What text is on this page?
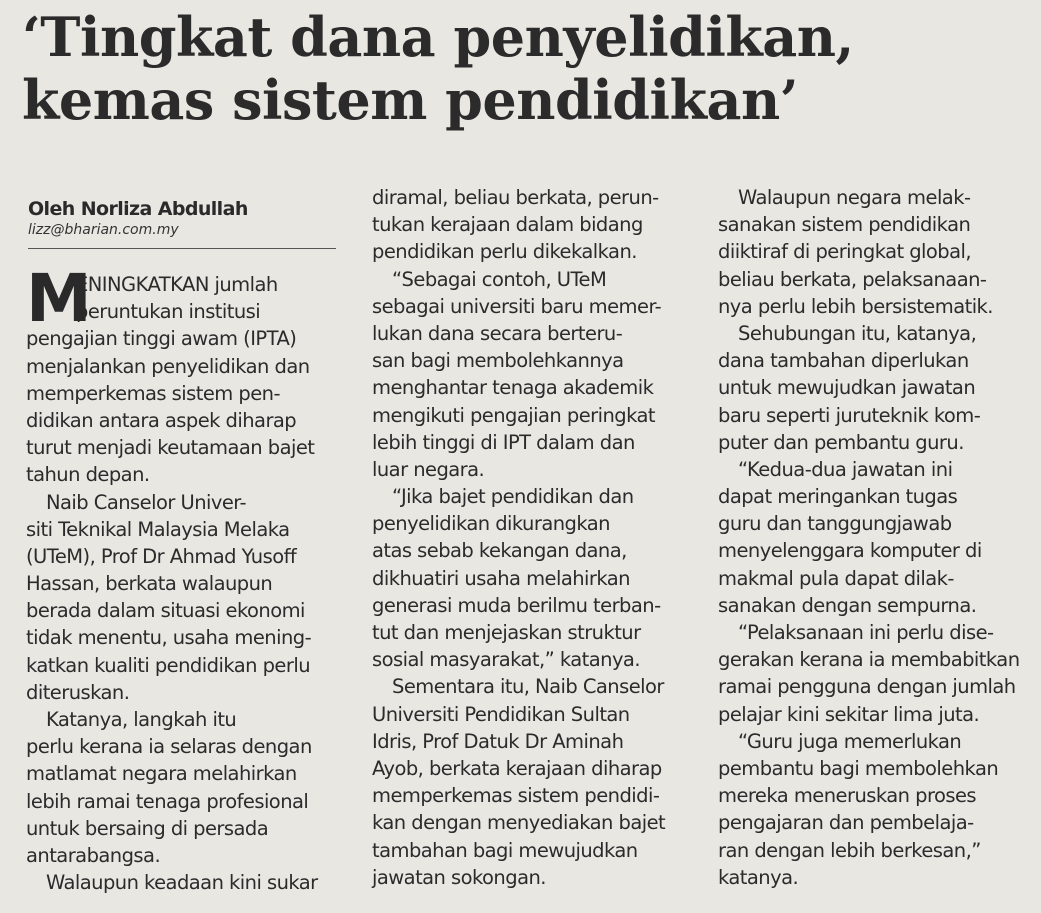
‘Tingkat dana penyelidikan,
kemas sistem pendidikan’
Oleh Norliza Abdullah
lizz@bharian.com.my
M
ENINGKATKAN jumlah
peruntukan institusi
pengajian tinggi awam (IPTA)
menjalankan penyelidikan dan
memperkemas sistem pen-
didikan antara aspek diharap
turut menjadi keutamaan bajet
tahun depan.
Naib Canselor Univer-
siti Teknikal Malaysia Melaka
(UTeM), Prof Dr Ahmad Yusoff
Hassan, berkata walaupun
berada dalam situasi ekonomi
tidak menentu, usaha mening-
katkan kualiti pendidikan perlu
diteruskan.
Katanya, langkah itu
perlu kerana ia selaras dengan
matlamat negara melahirkan
lebih ramai tenaga profesional
untuk bersaing di persada
antarabangsa.
Walaupun keadaan kini sukar
diramal, beliau berkata, perun-
tukan kerajaan dalam bidang
pendidikan perlu dikekalkan.
“Sebagai contoh, UTeM
sebagai universiti baru memer-
lukan dana secara berteru-
san bagi membolehkannya
menghantar tenaga akademik
mengikuti pengajian peringkat
lebih tinggi di IPT dalam dan
luar negara.
“Jika bajet pendidikan dan
penyelidikan dikurangkan
atas sebab kekangan dana,
dikhuatiri usaha melahirkan
generasi muda berilmu terban-
tut dan menjejaskan struktur
sosial masyarakat,” katanya.
Sementara itu, Naib Canselor
Universiti Pendidikan Sultan
Idris, Prof Datuk Dr Aminah
Ayob, berkata kerajaan diharap
memperkemas sistem pendidi-
kan dengan menyediakan bajet
tambahan bagi mewujudkan
jawatan sokongan.
Walaupun negara melak-
sanakan sistem pendidikan
diiktiraf di peringkat global,
beliau berkata, pelaksanaan-
nya perlu lebih bersistematik.
Sehubungan itu, katanya,
dana tambahan diperlukan
untuk mewujudkan jawatan
baru seperti juruteknik kom-
puter dan pembantu guru.
“Kedua-dua jawatan ini
dapat meringankan tugas
guru dan tanggungjawab
menyelenggara komputer di
makmal pula dapat dilak-
sanakan dengan sempurna.
“Pelaksanaan ini perlu dise-
gerakan kerana ia membabitkan
ramai pengguna dengan jumlah
pelajar kini sekitar lima juta.
“Guru juga memerlukan
pembantu bagi membolehkan
mereka meneruskan proses
pengajaran dan pembelaja-
ran dengan lebih berkesan,”
katanya.
